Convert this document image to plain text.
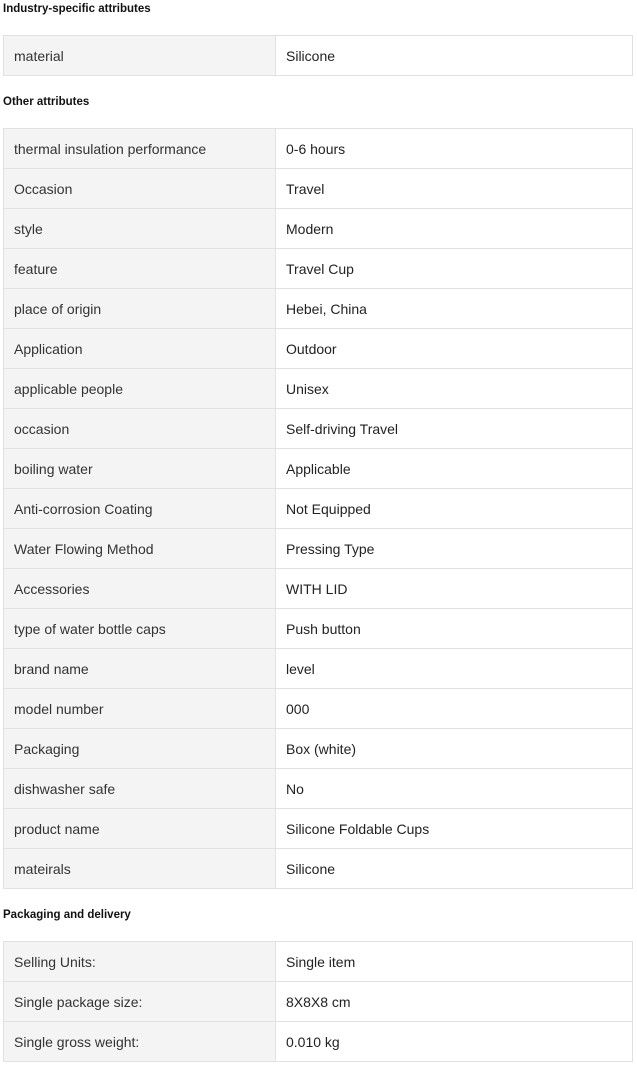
Industry-specific attributes
material	Silicone
Other attributes
thermal insulation performance	0-6 hours
Occasion	Travel
style	Modern
feature	Travel Cup
place of origin	Hebei, China
Application	Outdoor
applicable people	Unisex
occasion	Self-driving Travel
boiling water	Applicable
Anti-corrosion Coating	Not Equipped
Water Flowing Method	Pressing Type
Accessories	WITH LID
type of water bottle caps	Push button
brand name	level
model number	000
Packaging	Box (white)
dishwasher safe	No
product name	Silicone Foldable Cups
mateirals	Silicone
Packaging and delivery
Selling Units:	Single item
Single package size:	8X8X8 cm
Single gross weight:	0.010 kg
